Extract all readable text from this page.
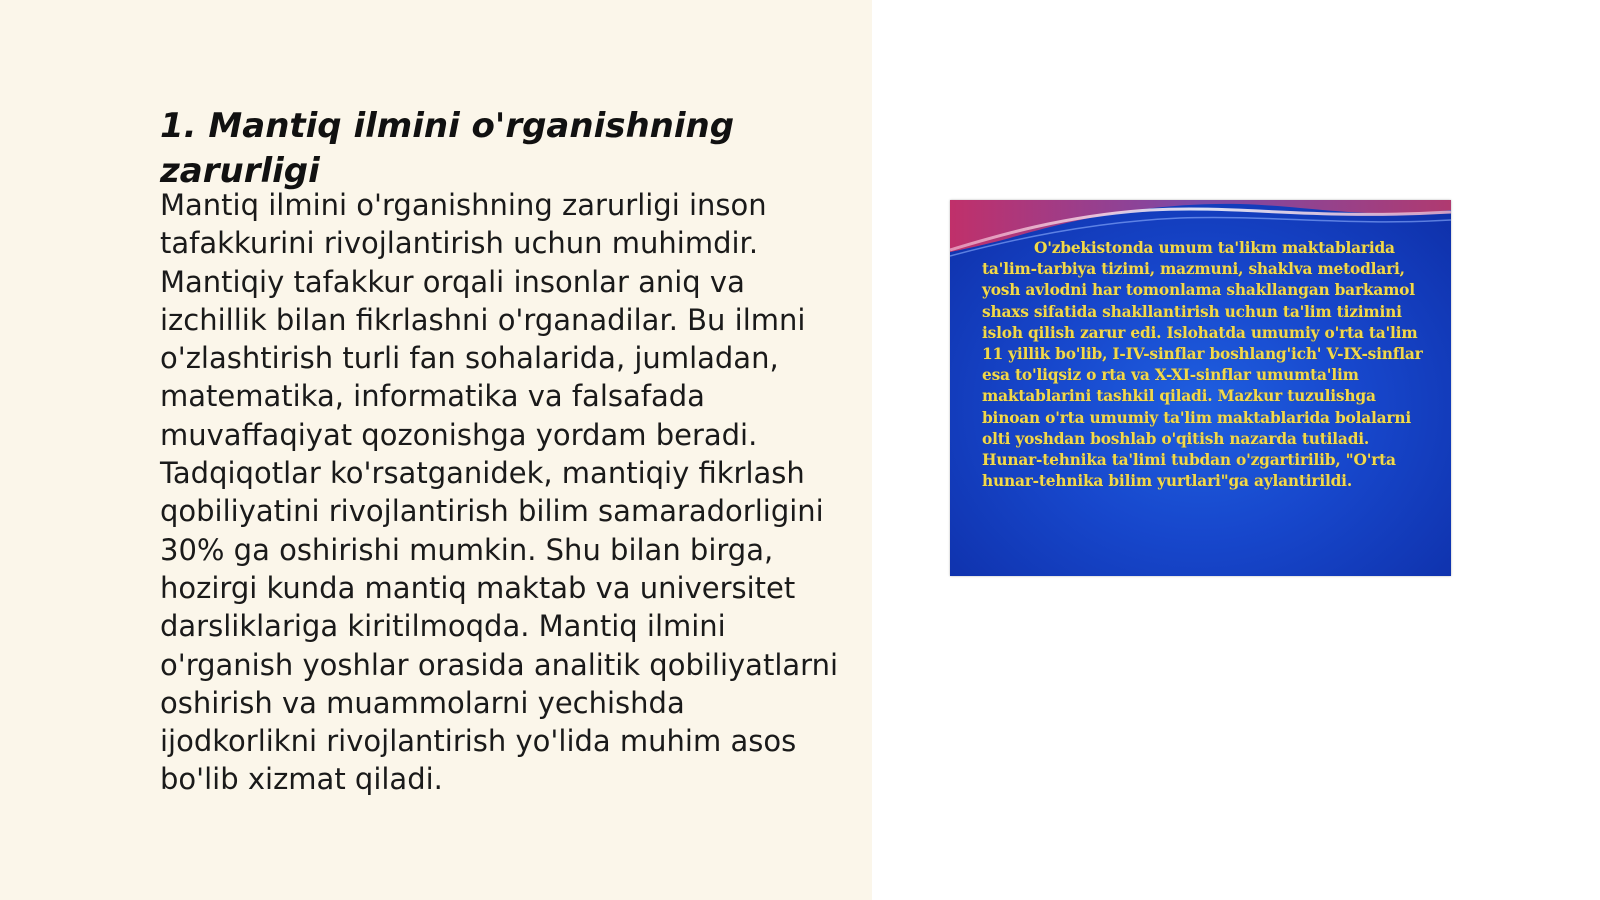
1. Mantiq ilmini o'rganishning zarurligi

Mantiq ilmini o'rganishning zarurligi inson tafakkurini rivojlantirish uchun muhimdir. Mantiqiy tafakkur orqali insonlar aniq va izchillik bilan fikrlashni o'rganadilar. Bu ilmni o'zlashtirish turli fan sohalarida, jumladan, matematika, informatika va falsafada muvaffaqiyat qozonishga yordam beradi. Tadqiqotlar ko'rsatganidek, mantiqiy fikrlash qobiliyatini rivojlantirish bilim samaradorligini 30% ga oshirishi mumkin. Shu bilan birga, hozirgi kunda mantiq maktab va universitet darsliklariga kiritilmoqda. Mantiq ilmini o'rganish yoshlar orasida analitik qobiliyatlarni oshirish va muammolarni yechishda ijodkorlikni rivojlantirish yo'lida muhim asos bo'lib xizmat qiladi.

O'zbekistonda umum ta'likm maktablarida ta'lim-tarbiya tizimi, mazmuni, shaklva metodlari, yosh avlodni har tomonlama shakllangan barkamol shaxs sifatida shakllantirish uchun ta'lim tizimini isloh qilish zarur edi. Islohatda umumiy o'rta ta'lim 11 yillik bo'lib, I-IV-sinflar boshlang'ich' V-IX-sinflar esa to'liqsiz o rta va X-XI-sinflar umumta'lim maktablarini tashkil qiladi. Mazkur tuzulishga binoan o'rta umumiy ta'lim maktablarida bolalarni olti yoshdan boshlab o'qitish nazarda tutiladi. Hunar-tehnika ta'limi tubdan o'zgartirilib, "O'rta hunar-tehnika bilim yurtlari"ga aylantirildi.
